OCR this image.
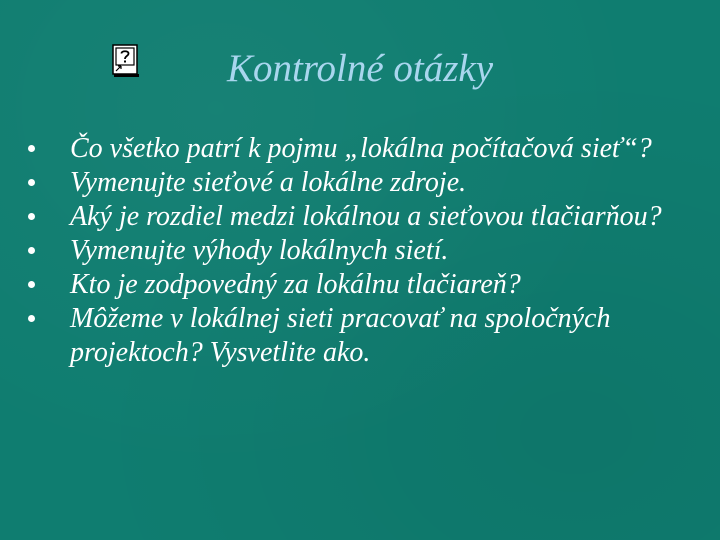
Kontrolné otázky
Čo všetko patrí k pojmu „lokálna počítačová sieť“?
Vymenujte sieťové a lokálne zdroje.
Aký je rozdiel medzi lokálnou a sieťovou tlačiarňou?
Vymenujte výhody lokálnych sietí.
Kto je zodpovedný za lokálnu tlačiareň?
Môžeme v lokálnej sieti pracovať na spoločných projektoch? Vysvetlite ako.
